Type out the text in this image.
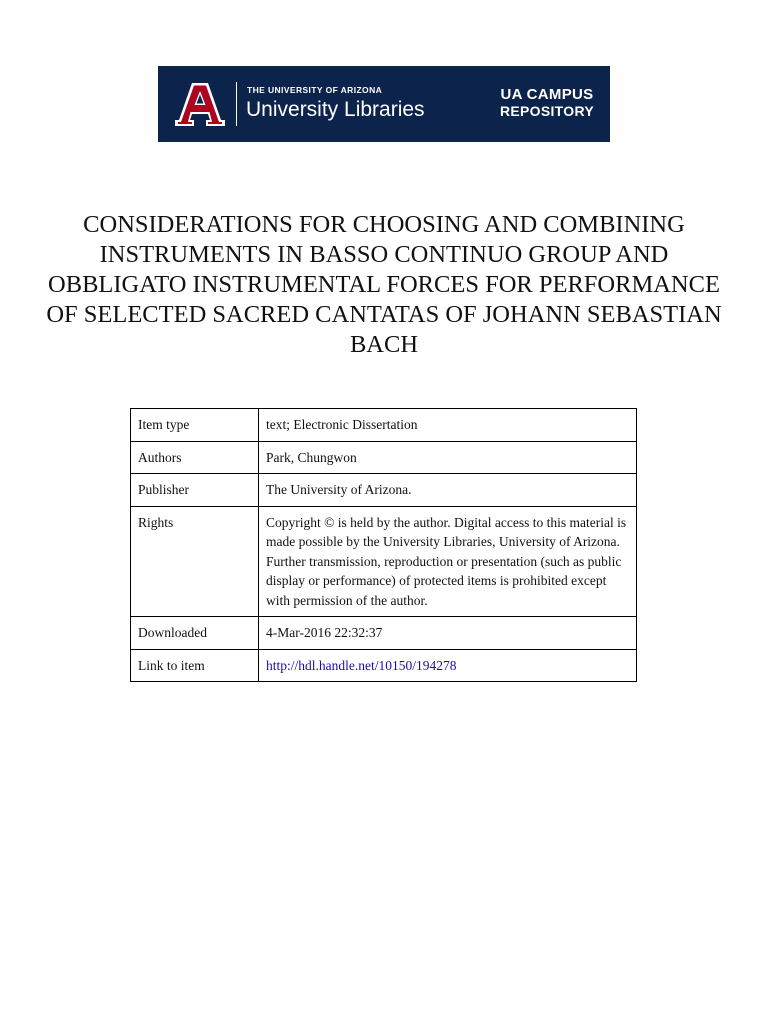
THE UNIVERSITY OF ARIZONA
University Libraries
UA CAMPUS
REPOSITORY
CONSIDERATIONS FOR CHOOSING AND COMBINING INSTRUMENTS IN BASSO CONTINUO GROUP AND OBBLIGATO INSTRUMENTAL FORCES FOR PERFORMANCE OF SELECTED SACRED CANTATAS OF JOHANN SEBASTIAN BACH
Item type	text; Electronic Dissertation
Authors	Park, Chungwon
Publisher	The University of Arizona.
Rights	Copyright © is held by the author. Digital access to this material is made possible by the University Libraries, University of Arizona. Further transmission, reproduction or presentation (such as public display or performance) of protected items is prohibited except with permission of the author.
Downloaded	4-Mar-2016 22:32:37
Link to item	http://hdl.handle.net/10150/194278
